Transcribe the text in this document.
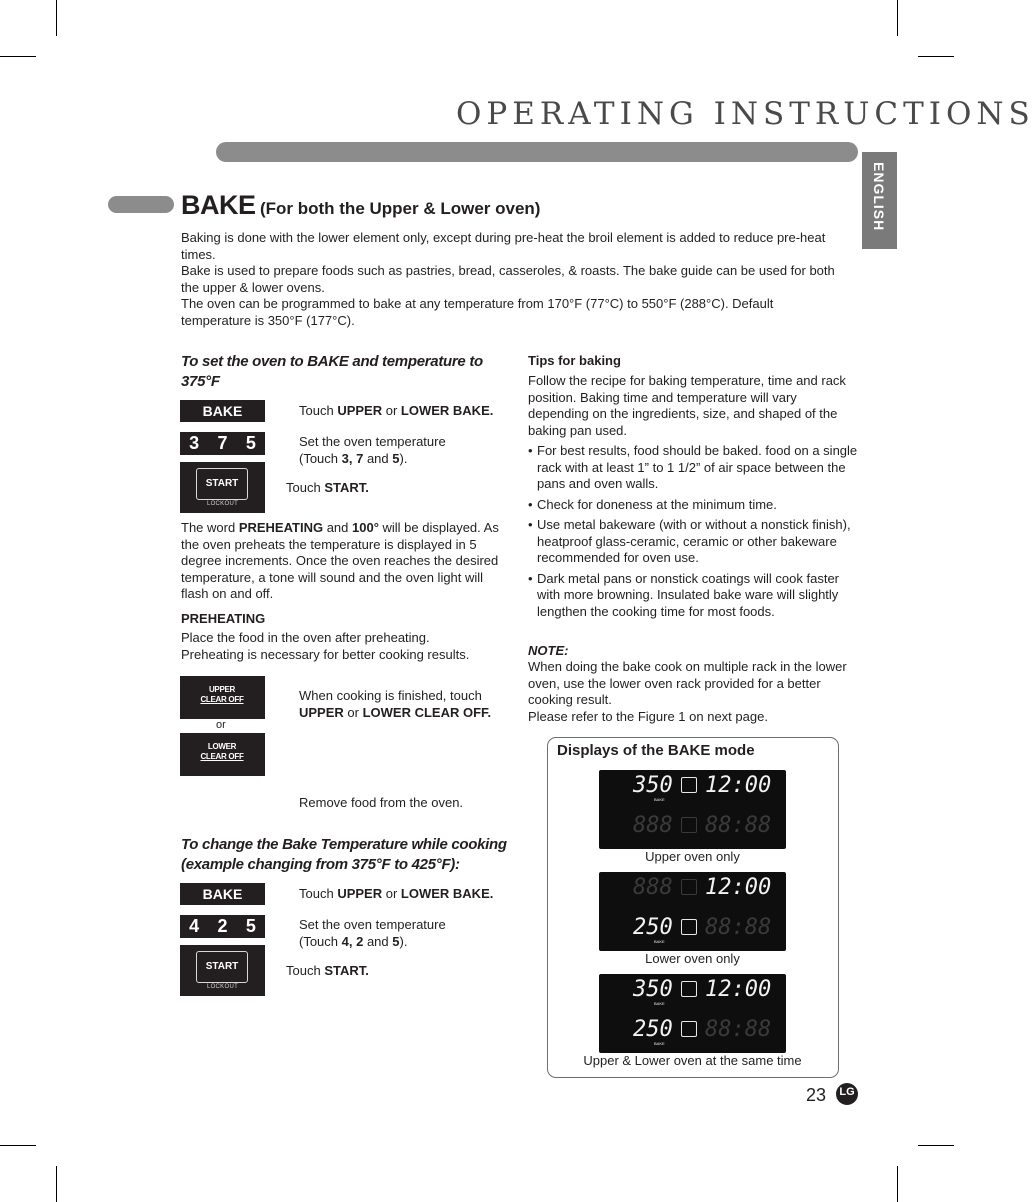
OPERATING INSTRUCTIONS
ENGLISH
BAKE (For both the Upper & Lower oven)
Baking is done with the lower element only, except during pre-heat the broil element is added to reduce pre-heat times.
Bake is used to prepare foods such as pastries, bread, casseroles, & roasts. The bake guide can be used for both the upper & lower ovens.
The oven can be programmed to bake at any temperature from 170°F (77°C) to 550°F (288°C). Default temperature is 350°F (177°C).
To set the oven to BAKE and temperature to 375°F
BAKE	Touch UPPER or LOWER BAKE.
3 7 5	Set the oven temperature
(Touch 3, 7 and 5).
START
LOCKOUT
Touch START.
The word PREHEATING and 100° will be displayed. As the oven preheats the temperature is displayed in 5 degree increments. Once the oven reaches the desired temperature, a tone will sound and the oven light will flash on and off.
PREHEATING
Place the food in the oven after preheating. Preheating is necessary for better cooking results.
UPPER
CLEAR OFF
or
LOWER
CLEAR OFF
When cooking is finished, touch
UPPER or LOWER CLEAR OFF.
Remove food from the oven.
To change the Bake Temperature while cooking (example changing from 375°F to 425°F):
BAKE	Touch UPPER or LOWER BAKE.
4 2 5	Set the oven temperature
(Touch 4, 2 and 5).
START
LOCKOUT
Touch START.
Tips for baking
Follow the recipe for baking temperature, time and rack position. Baking time and temperature will vary depending on the ingredients, size, and shaped of the baking pan used.
• For best results, food should be baked. food on a single rack with at least 1” to 1 1/2” of air space between the pans and oven walls.
• Check for doneness at the minimum time.
• Use metal bakeware (with or without a nonstick finish), heatproof glass-ceramic, ceramic or other bakeware recommended for oven use.
• Dark metal pans or nonstick coatings will cook faster with more browning. Insulated bake ware will slightly lengthen the cooking time for most foods.
NOTE:
When doing the bake cook on multiple rack in the lower oven, use the lower oven rack provided for a better cooking result.
Please refer to the Figure 1 on next page.
Displays of the BAKE mode
350
BAKE
12:00
888 88:88
Upper oven only
888 12:00
250
BAKE
88:88
Lower oven only
350
BAKE
12:00
250
BAKE
88:88
Upper & Lower oven at the same time
23	LG
